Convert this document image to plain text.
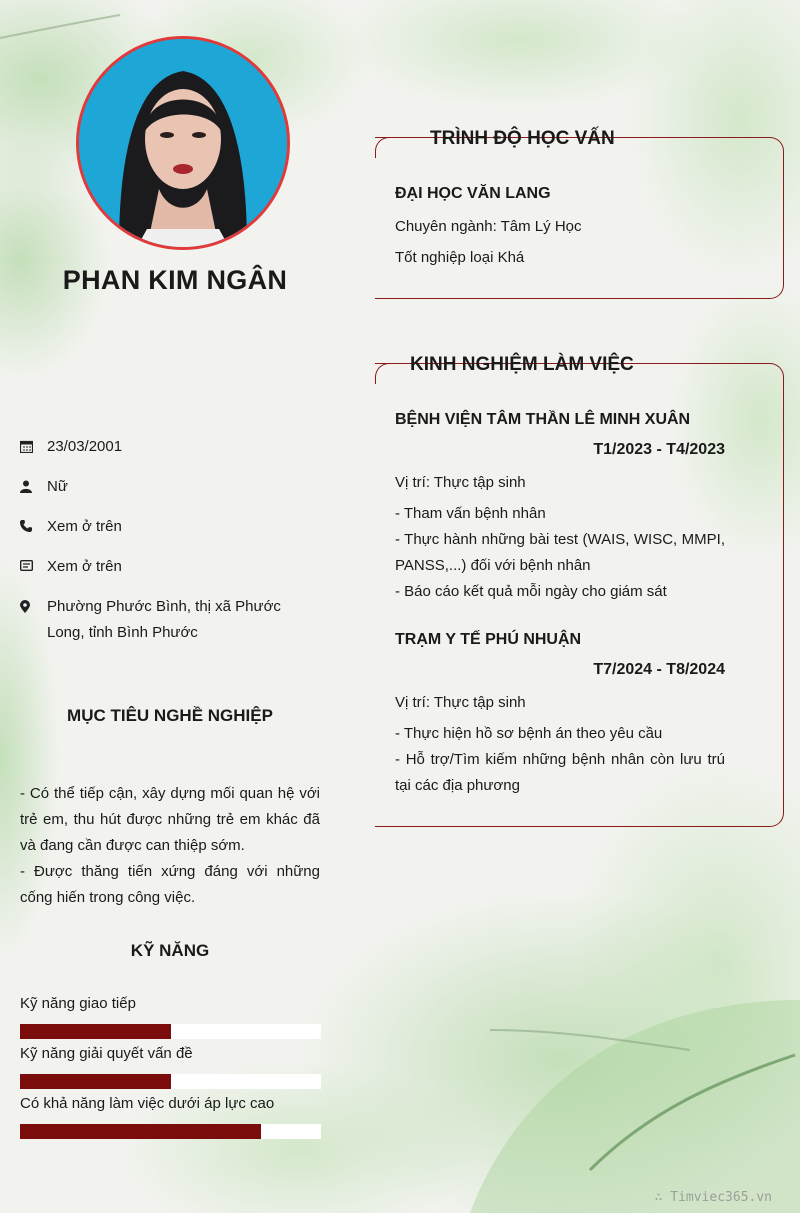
PHAN KIM NGÂN
23/03/2001
Nữ
Xem ở trên
Xem ở trên
Phường Phước Bình, thị xã Phước Long, tỉnh Bình Phước
MỤC TIÊU NGHỀ NGHIỆP
- Có thể tiếp cận, xây dựng mối quan hệ với trẻ em, thu hút được những trẻ em khác đã và đang cần được can thiệp sớm.
- Được thăng tiến xứng đáng với những cống hiến trong công việc.
KỸ NĂNG
Kỹ năng giao tiếp
Kỹ năng giải quyết vấn đề
Có khả năng làm việc dưới áp lực cao
TRÌNH ĐỘ HỌC VẤN
ĐẠI HỌC VĂN LANG
Chuyên ngành: Tâm Lý Học
Tốt nghiệp loại Khá
KINH NGHIỆM LÀM VIỆC
BỆNH VIỆN TÂM THẦN LÊ MINH XUÂN
T1/2023 - T4/2023
Vị trí: Thực tập sinh
- Tham vấn bệnh nhân
- Thực hành những bài test (WAIS, WISC, MMPI, PANSS,...) đối với bệnh nhân
- Báo cáo kết quả mỗi ngày cho giám sát
TRẠM Y TẾ PHÚ NHUẬN
T7/2024 - T8/2024
Vị trí: Thực tập sinh
- Thực hiện hồ sơ bệnh án theo yêu cầu
- Hỗ trợ/Tìm kiếm những bệnh nhân còn lưu trú tại các địa phương
∴ Timviec365.vn
